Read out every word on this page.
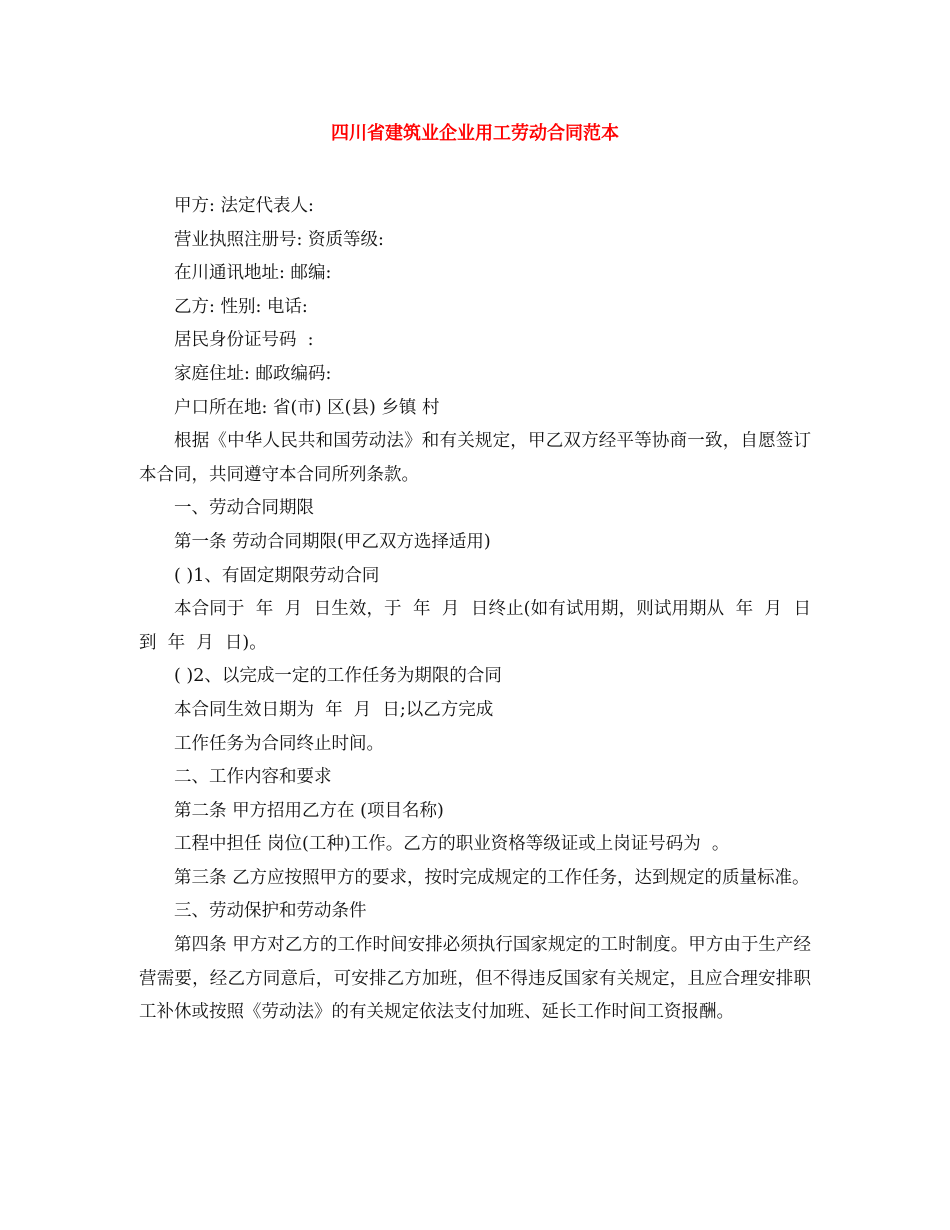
四川省建筑业企业用工劳动合同范本

甲方: 法定代表人:

营业执照注册号: 资质等级:

在川通讯地址: 邮编:

乙方: 性别: 电话:

居民身份证号码  :

家庭住址: 邮政编码:

户口所在地: 省(市) 区(县) 乡镇 村

根据《中华人民共和国劳动法》和有关规定，甲乙双方经平等协商一致，自愿签订本合同，共同遵守本合同所列条款。

一、劳动合同期限

第一条 劳动合同期限(甲乙双方选择适用)

( )1、有固定期限劳动合同

本合同于  年  月  日生效，于  年  月  日终止(如有试用期，则试用期从  年  月  日到  年  月  日)。

( )2、以完成一定的工作任务为期限的合同

本合同生效日期为  年  月  日;以乙方完成

工作任务为合同终止时间。

二、工作内容和要求

第二条 甲方招用乙方在 (项目名称)

工程中担任 岗位(工种)工作。乙方的职业资格等级证或上岗证号码为  。

第三条 乙方应按照甲方的要求，按时完成规定的工作任务，达到规定的质量标准。

三、劳动保护和劳动条件

第四条 甲方对乙方的工作时间安排必须执行国家规定的工时制度。甲方由于生产经营需要，经乙方同意后，可安排乙方加班，但不得违反国家有关规定，且应合理安排职工补休或按照《劳动法》的有关规定依法支付加班、延长工作时间工资报酬。
